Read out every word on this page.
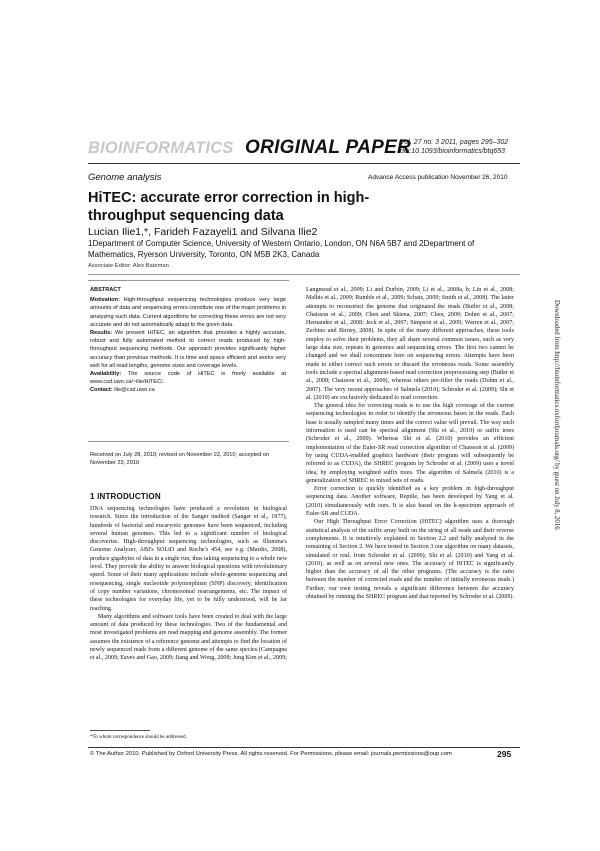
BIOINFORMATICS ORIGINAL PAPER
Vol. 27 no. 3 2011, pages 295–302
doi:10.1093/bioinformatics/btq653
Genome analysis	Advance Access publication November 26, 2010
HiTEC: accurate error correction in high-throughput sequencing data
Lucian Ilie1,*, Farideh Fazayeli1 and Silvana Ilie2
1Department of Computer Science, University of Western Ontario, London, ON N6A 5B7 and 2Department of Mathematics, Ryerson University, Toronto, ON M5B 2K3, Canada
Associate Editor: Alex Bateman
ABSTRACT
Motivation: High-throughput sequencing technologies produce very large amounts of data and sequencing errors constitute one of the major problems in analyzing such data. Current algorithms for correcting these errors are not very accurate and do not automatically adapt to the given data.
Results: We present HiTEC, an algorithm that provides a highly accurate, robust and fully automated method to correct reads produced by high-throughput sequencing methods. Our approach provides significantly higher accuracy than previous methods. It is time and space efficient and works very well for all read lengths, genome sizes and coverage levels.
Availability: The source code of HiTEC is freely available at www.csd.uwo.ca/~ilie/HiTEC/.
Contact: ilie@csd.uwo.ca
Received on July 28, 2010; revised on November 22, 2010; accepted on November 23, 2010
1 INTRODUCTION

DNA sequencing technologies have produced a revolution in biological research. Since the introduction of the Sanger method (Sanger et al., 1977), hundreds of bacterial and eucaryotic genomes have been sequenced, including several human genomes. This led to a significant number of biological discoveries. High-throughput sequencing technologies, such as Illumina's Genome Analyzer, ABI's SOLiD and Roche's 454, see e.g. (Mardis, 2008), produce gigabytes of data in a single run, thus taking sequencing to a whole new level. They provide the ability to answer biological questions with revolutionary speed. Some of their many applications include whole-genome sequencing and resequencing, single nucleotide polymorphism (SNP) discovery, identification of copy number variations, chromosomal rearrangements, etc. The impact of these technologies for everyday life, yet to be fully understood, will be far reaching.

Many algorithms and software tools have been created to deal with the large amount of data produced by these technologies. Two of the fundamental and most investigated problems are read mapping and genome assembly. The former assumes the existence of a reference genome and attempts to find the location of newly sequenced reads from a different genome of the same species (Campagna et al., 2009; Eaves and Gao, 2009; Jiang and Wong, 2008; Jung Kim et al., 2009;

Langmead et al., 2009; Li and Durbin, 2009; Li et al., 2008a, b; Lin et al., 2008; Malhis et al., 2009; Rumble et al., 2009; Schatz, 2009; Smith et al., 2008). The latter attempts to reconstruct the genome that originated the reads (Butler et al., 2008; Chaisson et al., 2009; Chen and Skiena, 2007; Chen, 2009; Dohm et al., 2007; Hernandez et al., 2008; Jeck et al., 2007; Simpson et al., 2009; Warren et al., 2007; Zerbino and Birney, 2008). In spite of the many different approaches, these tools employ to solve their problems, they all share several common issues, such as very large data size, repeats in genomes and sequencing errors. The first two cannot be changed and we shall concentrate here on sequencing errors. Attempts have been made to either correct such errors or discard the erroneous reads. Some assembly tools include a spectral alignment-based read correction preprocessing step (Butler et al., 2008; Chaisson et al., 2009), whereas others pre-filter the reads (Dohm et al., 2007). The very recent approaches of Salmela (2010); Schroder et al. (2009); Shi et al. (2010) are exclusively dedicated to read correction.

The general idea for correcting reads is to use the high coverage of the current sequencing technologies in order to identify the erroneous bases in the reads. Each base is usually sampled many times and the correct value will prevail. The way such information is used can be spectral alignment (Shi et al., 2010) or suffix trees (Schroder et al., 2009). Whereas Shi et al. (2010) provides an efficient implementation of the Euler-SR read correction algorithm of Chaisson et al. (2009) by using CUDA-enabled graphics hardware (their program will subsequently be referred to as CUDA), the SHREC program by Schroder et al. (2009) uses a novel idea, by employing weighted suffix trees. The algorithm of Salmela (2010) is a generalization of SHREC to mixed sets of reads.

Error correction is quickly identified as a key problem in high-throughput sequencing data. Another software, Reptile, has been developed by Yang et al. (2010) simultaneously with ours. It is also based on the k-spectrum approach of Euler-SR and CUDA.

Our High Throughput Error Correction (HiTEC) algorithm uses a thorough statistical analysis of the suffix array built on the string of all reads and their reverse complements. It is intuitively explained in Section 2.2 and fully analyzed in the remaining of Section 2. We have tested in Section 3 our algorithm on many datasets, simulated or real, from Schroder et al. (2009), Shi et al. (2010) and Yang et al. (2010), as well as on several new ones. The accuracy of HiTEC is significantly higher than the accuracy of all the other programs. (The accuracy is the ratio between the number of corrected reads and the number of initially erroneous reads.) Further, our own testing reveals a significant difference between the accuracy obtained by running the SHREC program and that reported by Schroder et al. (2009).

*To whom correspondence should be addressed.
© The Author 2010. Published by Oxford University Press. All rights reserved. For Permissions, please email: journals.permissions@oup.com	295
Downloaded from http://bioinformatics.oxfordjournals.org/ by guest on July 8, 2016
